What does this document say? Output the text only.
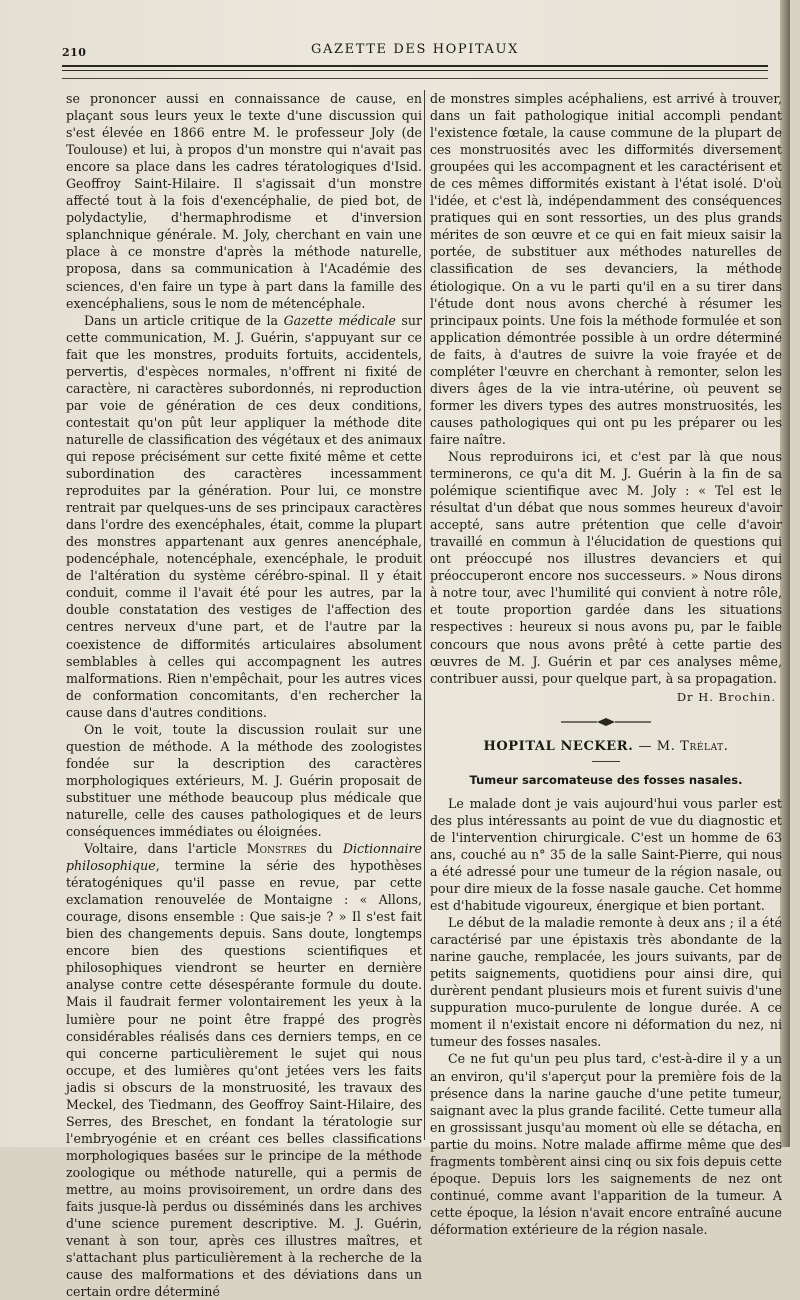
210	GAZETTE DES HOPITAUX

se prononcer aussi en connaissance de cause, en plaçant sous leurs yeux le texte d'une discussion qui s'est élevée en 1866 entre M. le professeur Joly (de Toulouse) et lui, à propos d'un monstre qui n'avait pas encore sa place dans les cadres tératologiques d'Isid. Geoffroy Saint-Hilaire. Il s'agissait d'un monstre affecté tout à la fois d'exencéphalie, de pied bot, de polydactylie, d'hermaphrodisme et d'inversion splanchnique générale. M. Joly, cherchant en vain une place à ce monstre d'après la méthode naturelle, proposa, dans sa communication à l'Académie des sciences, d'en faire un type à part dans la famille des exencéphaliens, sous le nom de métencéphale.

Dans un article critique de la Gazette médicale sur cette communication, M. J. Guérin, s'appuyant sur ce fait que les monstres, produits fortuits, accidentels, pervertis, d'espèces normales, n'offrent ni fixité de caractère, ni caractères subordonnés, ni reproduction par voie de génération de ces deux conditions, contestait qu'on pût leur appliquer la méthode dite naturelle de classification des végétaux et des animaux qui repose précisément sur cette fixité même et cette subordination des caractères incessamment reproduites par la génération. Pour lui, ce monstre rentrait par quelques-uns de ses principaux caractères dans l'ordre des exencéphales, était, comme la plupart des monstres appartenant aux genres anencéphale, podencéphale, notencéphale, exencéphale, le produit de l'altération du système cérébro-spinal. Il y était conduit, comme il l'avait été pour les autres, par la double constatation des vestiges de l'affection des centres nerveux d'une part, et de l'autre par la coexistence de difformités articulaires absolument semblables à celles qui accompagnent les autres malformations. Rien n'empêchait, pour les autres vices de conformation concomitants, d'en rechercher la cause dans d'autres conditions.

On le voit, toute la discussion roulait sur une question de méthode. A la méthode des zoologistes fondée sur la description des caractères morphologiques extérieurs, M. J. Guérin proposait de substituer une méthode beaucoup plus médicale que naturelle, celle des causes pathologiques et de leurs conséquences immédiates ou éloignées.

Voltaire, dans l'article Monstres du Dictionnaire philosophique, termine la série des hypothèses tératogéniques qu'il passe en revue, par cette exclamation renouvelée de Montaigne : « Allons, courage, disons ensemble : Que sais-je ? » Il s'est fait bien des changements depuis. Sans doute, longtemps encore bien des questions scientifiques et philosophiques viendront se heurter en dernière analyse contre cette désespérante formule du doute. Mais il faudrait fermer volontairement les yeux à la lumière pour ne point être frappé des progrès considérables réalisés dans ces derniers temps, en ce qui concerne particulièrement le sujet qui nous occupe, et des lumières qu'ont jetées vers les faits jadis si obscurs de la monstruosité, les travaux des Meckel, des Tiedmann, des Geoffroy Saint-Hilaire, des Serres, des Breschet, en fondant la tératologie sur l'embryogénie et en créant ces belles classifications morphologiques basées sur le principe de la méthode zoologique ou méthode naturelle, qui a permis de mettre, au moins provisoirement, un ordre dans des faits jusque-là perdus ou disséminés dans les archives d'une science purement descriptive. M. J. Guérin, venant à son tour, après ces illustres maîtres, et s'attachant plus particulièrement à la recherche de la cause des malformations et des déviations dans un certain ordre déterminé

de monstres simples acéphaliens, est arrivé à trouver, dans un fait pathologique initial accompli pendant l'existence fœtale, la cause commune de la plupart de ces monstruosités avec les difformités diversement groupées qui les accompagnent et les caractérisent et de ces mêmes difformités existant à l'état isolé. D'où l'idée, et c'est là, indépendamment des conséquences pratiques qui en sont ressorties, un des plus grands mérites de son œuvre et ce qui en fait mieux saisir la portée, de substituer aux méthodes naturelles de classification de ses devanciers, la méthode étiologique. On a vu le parti qu'il en a su tirer dans l'étude dont nous avons cherché à résumer les principaux points. Une fois la méthode formulée et son application démontrée possible à un ordre déterminé de faits, à d'autres de suivre la voie frayée et de compléter l'œuvre en cherchant à remonter, selon les divers âges de la vie intra-utérine, où peuvent se former les divers types des autres monstruosités, les causes pathologiques qui ont pu les préparer ou les faire naître.

Nous reproduirons ici, et c'est par là que nous terminerons, ce qu'a dit M. J. Guérin à la fin de sa polémique scientifique avec M. Joly : « Tel est le résultat d'un débat que nous sommes heureux d'avoir accepté, sans autre prétention que celle d'avoir travaillé en commun à l'élucidation de questions qui ont préoccupé nos illustres devanciers et qui préoccuperont encore nos successeurs. » Nous dirons à notre tour, avec l'humilité qui convient à notre rôle, et toute proportion gardée dans les situations respectives : heureux si nous avons pu, par le faible concours que nous avons prêté à cette partie des œuvres de M. J. Guérin et par ces analyses même, contribuer aussi, pour quelque part, à sa propagation.

Dr H. Brochin.
HOPITAL NECKER. — M. Trélat.
Tumeur sarcomateuse des fosses nasales.

Le malade dont je vais aujourd'hui vous parler est des plus intéressants au point de vue du diagnostic et de l'intervention chirurgicale. C'est un homme de 63 ans, couché au n° 35 de la salle Saint-Pierre, qui nous a été adressé pour une tumeur de la région nasale, ou pour dire mieux de la fosse nasale gauche. Cet homme est d'habitude vigoureux, énergique et bien portant.

Le début de la maladie remonte à deux ans ; il a été caractérisé par une épistaxis très abondante de la narine gauche, remplacée, les jours suivants, par de petits saignements, quotidiens pour ainsi dire, qui durèrent pendant plusieurs mois et furent suivis d'une suppuration muco-purulente de longue durée. A ce moment il n'existait encore ni déformation du nez, ni tumeur des fosses nasales.

Ce ne fut qu'un peu plus tard, c'est-à-dire il y a un an environ, qu'il s'aperçut pour la première fois de la présence dans la narine gauche d'une petite tumeur, saignant avec la plus grande facilité. Cette tumeur alla en grossissant jusqu'au moment où elle se détacha, en partie du moins. Notre malade affirme même que des fragments tombèrent ainsi cinq ou six fois depuis cette époque. Depuis lors les saignements de nez ont continué, comme avant l'apparition de la tumeur. A cette époque, la lésion n'avait encore entraîné aucune déformation extérieure de la région nasale.
